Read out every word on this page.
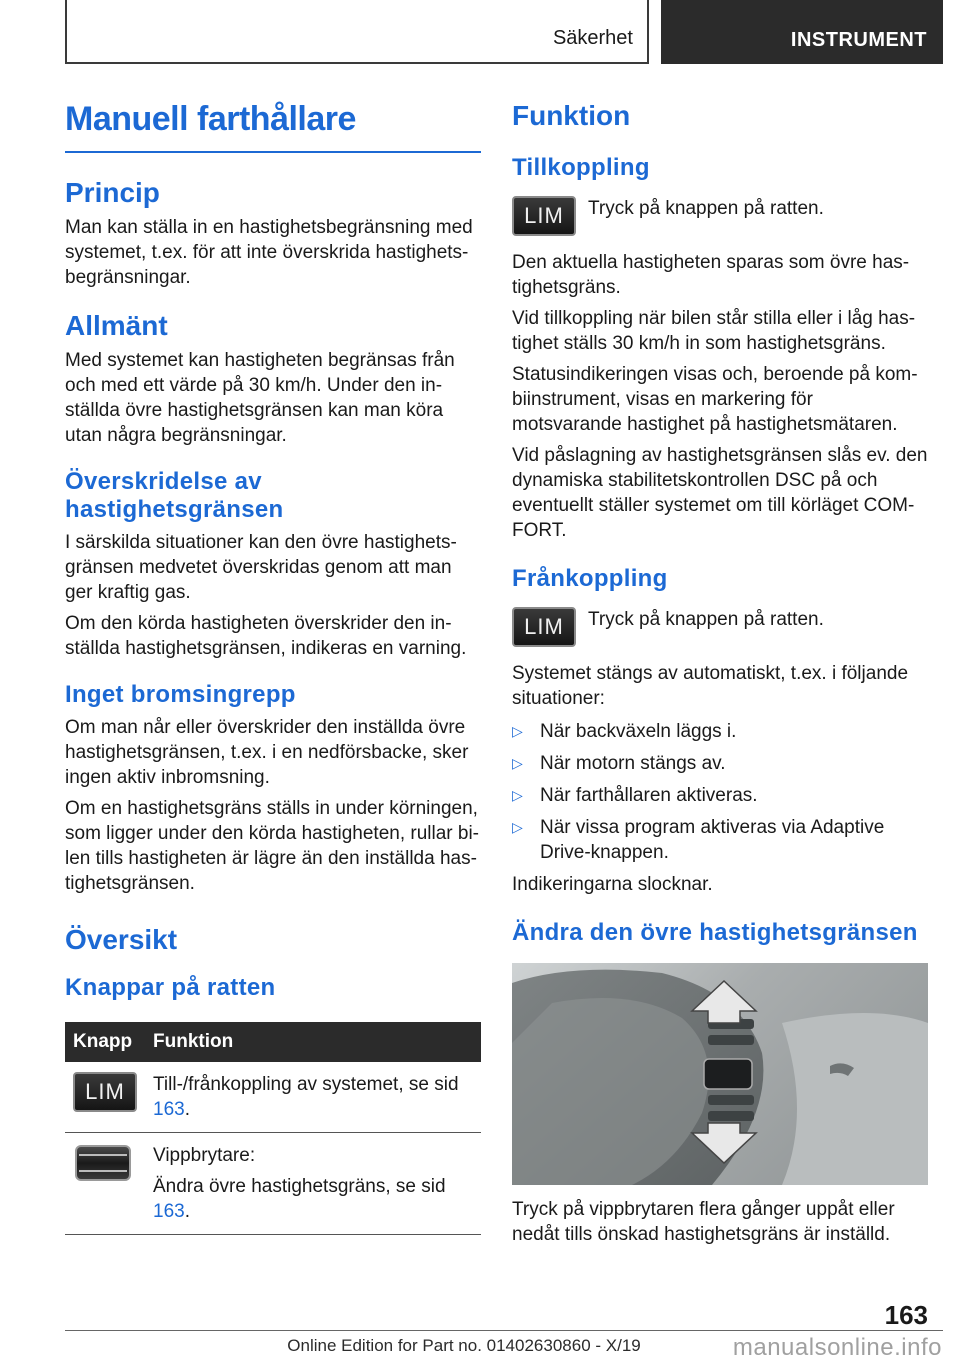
Säkerhet	INSTRUMENT
Manuell farthållare
Princip

Man kan ställa in en hastighetsbegränsning med systemet, t.ex. för att inte överskrida hastighets-begränsningar.

Allmänt

Med systemet kan hastigheten begränsas från och med ett värde på 30 km/h. Under den in-ställda övre hastighetsgränsen kan man köra utan några begränsningar.

Överskridelse av hastighetsgränsen

I särskilda situationer kan den övre hastighets-gränsen medvetet överskridas genom att man ger kraftig gas.

Om den körda hastigheten överskrider den in-ställda hastighetsgränsen, indikeras en varning.

Inget bromsingrepp

Om man når eller överskrider den inställda övre hastighetsgränsen, t.ex. i en nedförsbacke, sker ingen aktiv inbromsning.

Om en hastighetsgräns ställs in under körningen, som ligger under den körda hastigheten, rullar bi-len tills hastigheten är lägre än den inställda has-tighetsgränsen.

Översikt
Knappar på ratten
Knapp	Funktion
LIM	Till-/frånkoppling av systemet, se sid 163.

	Vippbrytare:

Ändra övre hastighetsgräns, se sid 163.

Funktion
Tillkoppling
LIM	Tryck på knappen på ratten.

Den aktuella hastigheten sparas som övre has-tighetsgräns.

Vid tillkoppling när bilen står stilla eller i låg has-tighet ställs 30 km/h in som hastighetsgräns.

Statusindikeringen visas och, beroende på kom-biinstrument, visas en markering för motsvarande hastighet på hastighetsmätaren.

Vid påslagning av hastighetsgränsen slås ev. den dynamiska stabilitetskontrollen DSC på och eventuellt ställer systemet om till körläget COM-FORT.

Frånkoppling
LIM	Tryck på knappen på ratten.

Systemet stängs av automatiskt, t.ex. i följande situationer:

▷ När backväxeln läggs i.
▷ När motorn stängs av.
▷ När farthållaren aktiveras.
▷ När vissa program aktiveras via Adaptive Drive-knappen.

Indikeringarna slocknar.

Ändra den övre hastighetsgränsen

Tryck på vippbrytaren flera gånger uppåt eller nedåt tills önskad hastighetsgräns är inställd.

163
Online Edition for Part no. 01402630860 - X/19	manualsonline.info
